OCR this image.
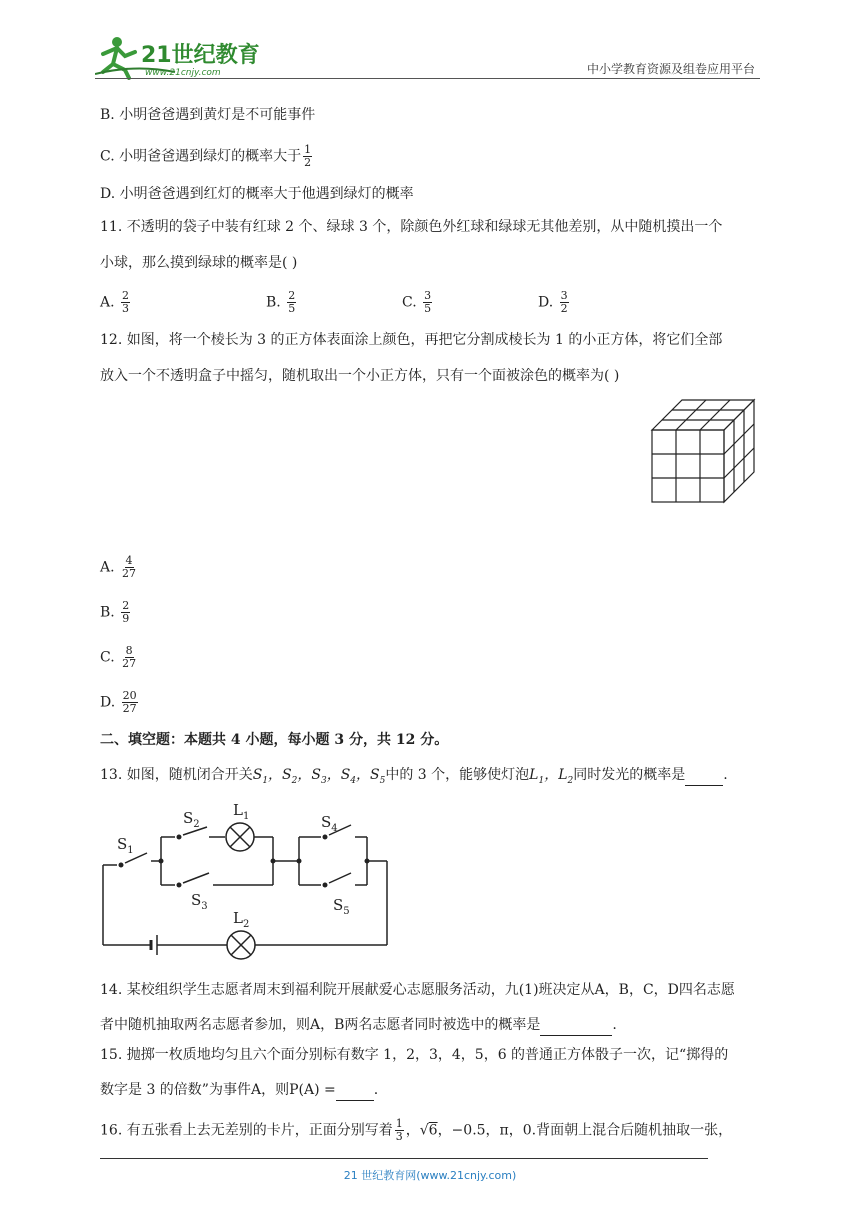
21世纪教育
www.21cnjy.com	中小学教育资源及组卷应用平台
B. 小明爸爸遇到黄灯是不可能事件
C. 小明爸爸遇到绿灯的概率大于 $\frac{1}{2}$
D. 小明爸爸遇到红灯的概率大于他遇到绿灯的概率
11. 不透明的袋子中装有红球 2 个、绿球 3 个，除颜色外红球和绿球无其他差别，从中随机摸出一个
小球，那么摸到绿球的概率是( )
A. $\frac{2}{3}$	B. $\frac{2}{5}$	C. $\frac{3}{5}$	D. $\frac{3}{2}$
12. 如图，将一个棱长为 3 的正方体表面涂上颜色，再把它分割成棱长为 1 的小正方体，将它们全部
放入一个不透明盒子中摇匀，随机取出一个小正方体，只有一个面被涂色的概率为( )
A. $\frac{4}{27}$
B. $\frac{2}{9}$
C. $\frac{8}{27}$
D. $\frac{20}{27}$
二、填空题：本题共 4 小题，每小题 3 分，共 12 分。
13. 如图，随机闭合开关$S_1$，$S_2$，$S_3$，$S_4$，$S_5$中的 3 个，能够使灯泡$L_1$，$L_2$同时发光的概率是	.
$S_1$
$S_2$
$S_3$
$S_4$
$S_5$
$L_1$
$L_2$
14. 某校组织学生志愿者周末到福利院开展献爱心志愿服务活动，九(1)班决定从A，B，C，D四名志愿
者中随机抽取两名志愿者参加，则A，B两名志愿者同时被选中的概率是	.
15. 抛掷一枚质地均匀且六个面分别标有数字 1，2，3，4，5，6 的普通正方体骰子一次，记“掷得的
数字是 3 的倍数”为事件A，则P(A) =	.
16. 有五张看上去无差别的卡片，正面分别写着 $\frac{1}{3}$ ，√6，−0.5，π，0.背面朝上混合后随机抽取一张，
21 世纪教育网(www.21cnjy.com)
